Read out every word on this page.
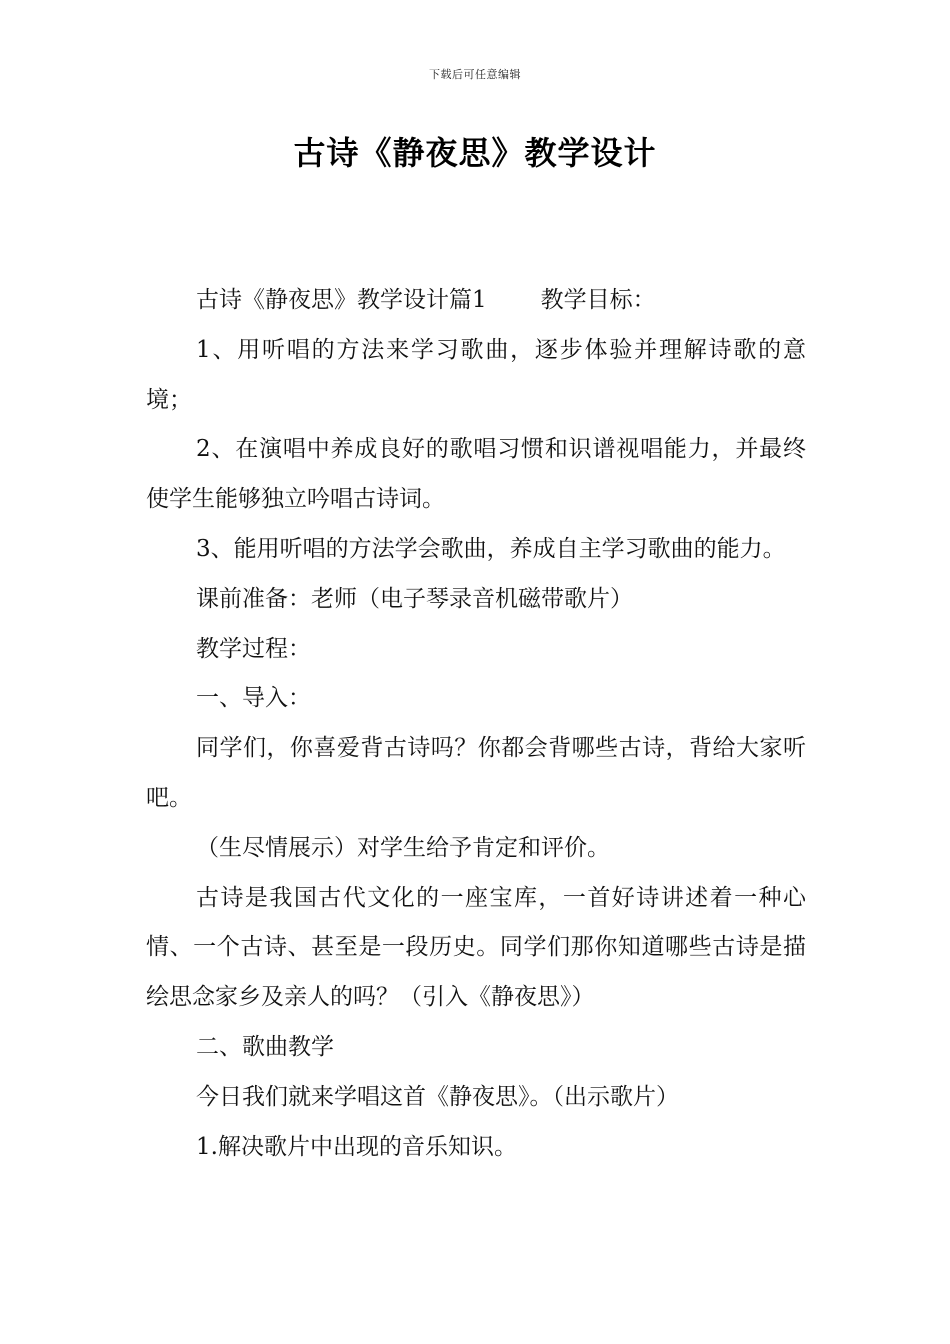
下载后可任意编辑
古诗《静夜思》教学设计

古诗《静夜思》教学设计篇1 教学目标：

1、用听唱的方法来学习歌曲，逐步体验并理解诗歌的意境；

2、在演唱中养成良好的歌唱习惯和识谱视唱能力，并最终使学生能够独立吟唱古诗词。

3、能用听唱的方法学会歌曲，养成自主学习歌曲的能力。

课前准备：老师（电子琴录音机磁带歌片）

教学过程：

一、导入：

同学们，你喜爱背古诗吗？你都会背哪些古诗，背给大家听吧。

（生尽情展示）对学生给予肯定和评价。

古诗是我国古代文化的一座宝库，一首好诗讲述着一种心情、一个古诗、甚至是一段历史。同学们那你知道哪些古诗是描绘思念家乡及亲人的吗？（引入《静夜思》）

二、歌曲教学

今日我们就来学唱这首《静夜思》。（出示歌片）

1.解决歌片中出现的音乐知识。
